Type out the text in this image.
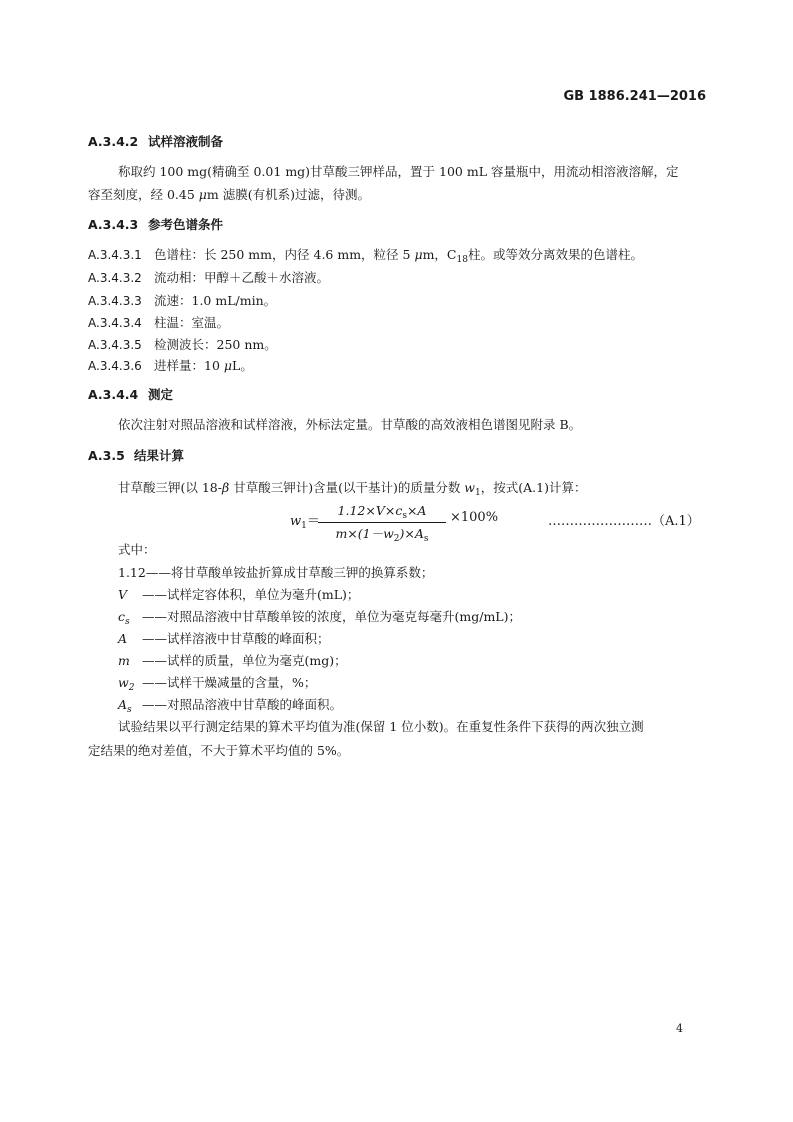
GB 1886.241—2016
A.3.4.2 试样溶液制备
称取约 100 mg(精确至 0.01 mg)甘草酸三钾样品，置于 100 mL 容量瓶中，用流动相溶液溶解，定
容至刻度，经 0.45 μm 滤膜(有机系)过滤，待测。
A.3.4.3 参考色谱条件
A.3.4.3.1 色谱柱：长 250 mm，内径 4.6 mm，粒径 5 μm，$C_{18}$柱。或等效分离效果的色谱柱。
A.3.4.3.2 流动相：甲醇＋乙酸＋水溶液。
A.3.4.3.3 流速：1.0 mL/min。
A.3.4.3.4 柱温：室温。
A.3.4.3.5 检测波长：250 nm。
A.3.4.3.6 进样量：10 μL。
A.3.4.4 测定
依次注射对照品溶液和试样溶液，外标法定量。甘草酸的高效液相色谱图见附录 B。
A.3.5 结果计算
甘草酸三钾(以 18-β 甘草酸三钾计)含量(以干基计)的质量分数 $w_1$，按式(A.1)计算：
$w_1=$
$\frac{1.12\times V\times c_s\times A}{m\times(1-w_2)\times A_s} \times 100\%$	……………………（A.1）
式中：
1.12——将甘草酸单铵盐折算成甘草酸三钾的换算系数；
V ——试样定容体积，单位为毫升(mL)；
$c_s$ ——对照品溶液中甘草酸单铵的浓度，单位为毫克每毫升(mg/mL)；
A ——试样溶液中甘草酸的峰面积；
m ——试样的质量，单位为毫克(mg)；
$w_2$ ——试样干燥减量的含量，%；
$A_s$ ——对照品溶液中甘草酸的峰面积。
试验结果以平行测定结果的算术平均值为准(保留 1 位小数)。在重复性条件下获得的两次独立测
定结果的绝对差值，不大于算术平均值的 5%。
4
